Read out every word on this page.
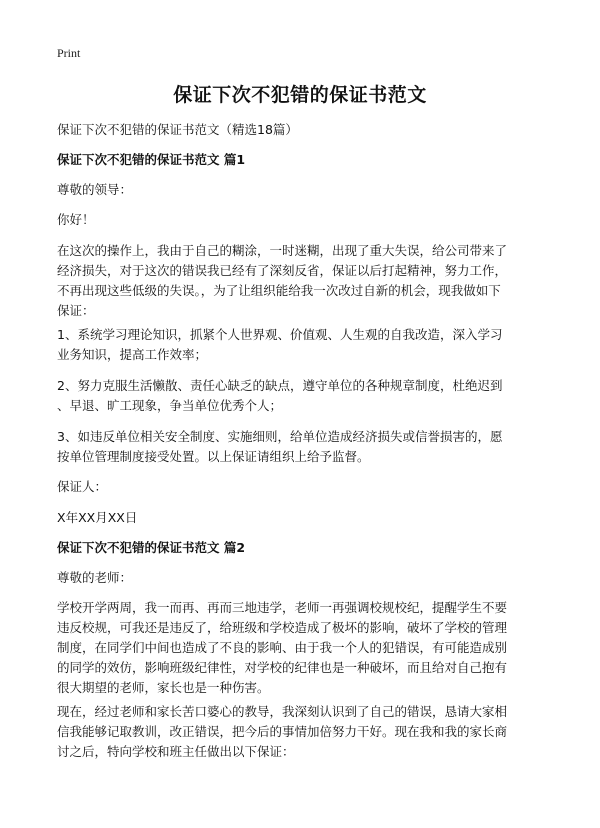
Print
保证下次不犯错的保证书范文

保证下次不犯错的保证书范文（精选18篇）

保证下次不犯错的保证书范文 篇1

尊敬的领导：

你好！

在这次的操作上，我由于自己的糊涂，一时迷糊，出现了重大失误，给公司带来了
经济损失，对于这次的错误我已经有了深刻反省，保证以后打起精神，努力工作，
不再出现这些低级的失误。，为了让组织能给我一次改过自新的机会，现我做如下
保证：
1、系统学习理论知识，抓紧个人世界观、价值观、人生观的自我改造，深入学习
业务知识，提高工作效率；
2、努力克服生活懒散、责任心缺乏的缺点，遵守单位的各种规章制度，杜绝迟到
、早退、旷工现象，争当单位优秀个人；
3、如违反单位相关安全制度、实施细则，给单位造成经济损失或信誉损害的，愿
按单位管理制度接受处置。以上保证请组织上给予监督。

保证人：

X年XX月XX日

保证下次不犯错的保证书范文 篇2

尊敬的老师：

学校开学两周，我一而再、再而三地违学，老师一再强调校规校纪，提醒学生不要
违反校规，可我还是违反了，给班级和学校造成了极坏的影响，破坏了学校的管理
制度，在同学们中间也造成了不良的影响、由于我一个人的犯错误，有可能造成别
的同学的效仿，影响班级纪律性，对学校的纪律也是一种破坏，而且给对自己抱有
很大期望的老师，家长也是一种伤害。
现在，经过老师和家长苦口婆心的教导，我深刻认识到了自己的错误，恳请大家相
信我能够记取教训，改正错误，把今后的事情加倍努力干好。现在我和我的家长商
讨之后，特向学校和班主任做出以下保证：
